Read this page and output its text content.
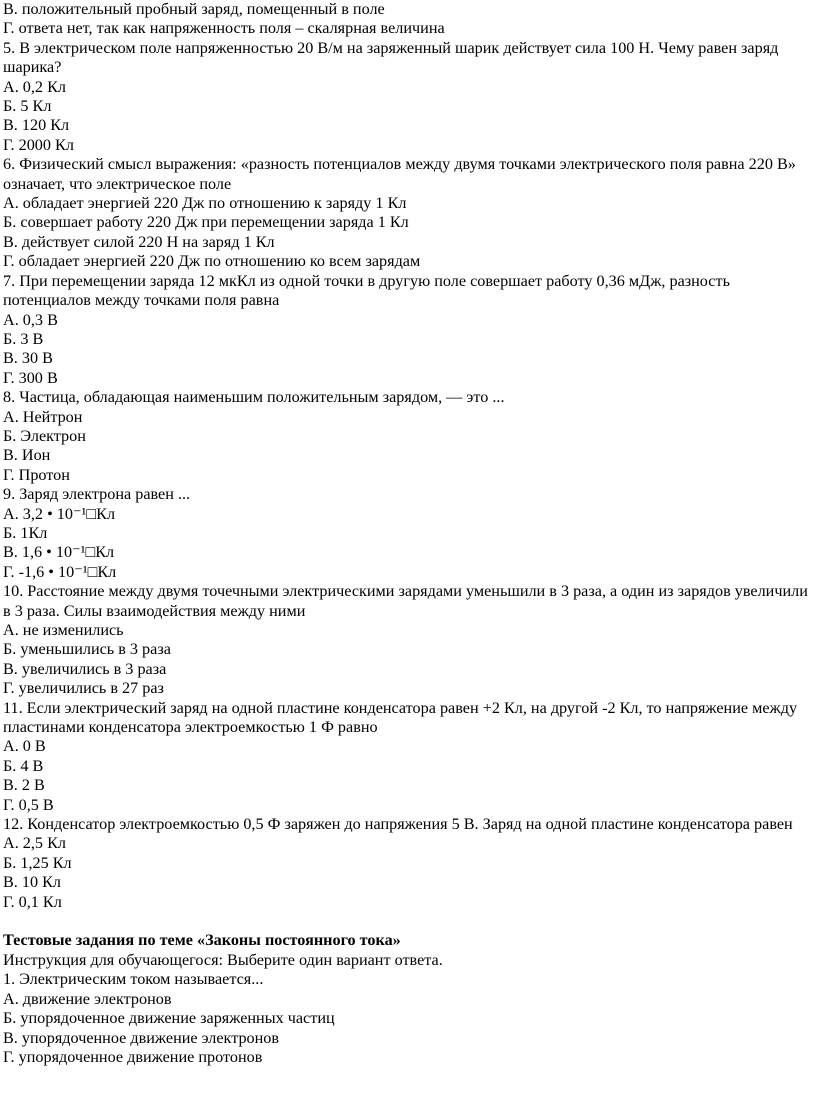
В. положительный пробный заряд, помещенный в поле
Г. ответа нет, так как напряженность поля – скалярная величина
5. В электрическом поле напряженностью 20 В/м на заряженный шарик действует сила 100 Н. Чему равен заряд шарика?
А. 0,2 Кл
Б. 5 Кл
В. 120 Кл
Г. 2000 Кл
6. Физический смысл выражения: «разность потенциалов между двумя точками электрического поля равна 220 В» означает, что электрическое поле
А. обладает энергией 220 Дж по отношению к заряду 1 Кл
Б. совершает работу 220 Дж при перемещении заряда 1 Кл
В. действует силой 220 Н на заряд 1 Кл
Г. обладает энергией 220 Дж по отношению ко всем зарядам
7. При перемещении заряда 12 мкКл из одной точки в другую поле совершает работу 0,36 мДж, разность потенциалов между точками поля равна
А. 0,3 В
Б. 3 В
В. 30 В
Г. 300 В
8. Частица, обладающая наименьшим положительным зарядом, — это ...
А. Нейтрон
Б. Электрон
В. Ион
Г. Протон
9. Заряд электрона равен ...
А. 3,2 • 10⁻¹□Кл
Б. 1Кл
В. 1,6 • 10⁻¹□Кл
Г. -1,6 • 10⁻¹□Кл
10. Расстояние между двумя точечными электрическими зарядами уменьшили в 3 раза, а один из зарядов увеличили в 3 раза. Силы взаимодействия между ними
А. не изменились
Б. уменьшились в 3 раза
В. увеличились в 3 раза
Г. увеличились в 27 раз
11. Если электрический заряд на одной пластине конденсатора равен +2 Кл, на другой -2 Кл, то напряжение между пластинами конденсатора электроемкостью 1 Ф равно
А. 0 В
Б. 4 В
В. 2 В
Г. 0,5 В
12. Конденсатор электроемкостью 0,5 Ф заряжен до напряжения 5 В. Заряд на одной пластине конденсатора равен
А. 2,5 Кл
Б. 1,25 Кл
В. 10 Кл
Г. 0,1 Кл
Тестовые задания по теме «Законы постоянного тока»
Инструкция для обучающегося: Выберите один вариант ответа.
1. Электрическим током называется...
А. движение электронов
Б. упорядоченное движение заряженных частиц
В. упорядоченное движение электронов
Г. упорядоченное движение протонов
